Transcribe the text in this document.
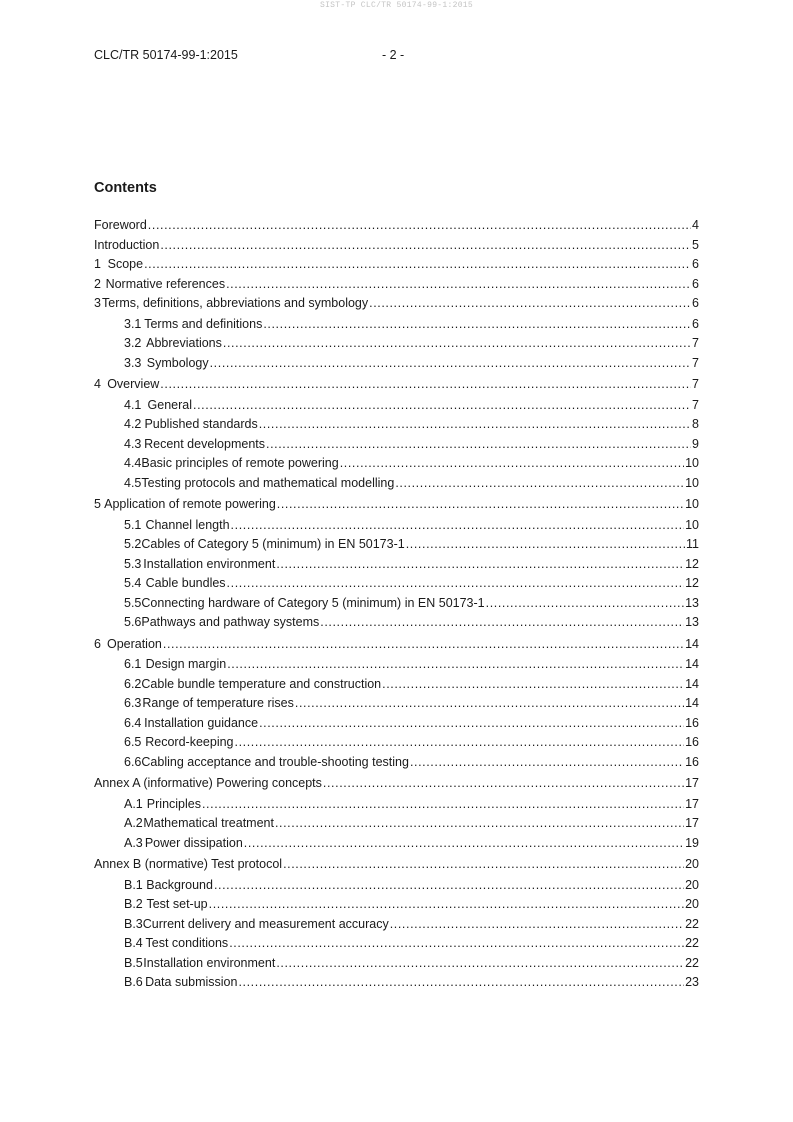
SIST-TP CLC/TR 50174-99-1:2015
CLC/TR 50174-99-1:2015	- 2 -
Contents
Foreword .....	4
Introduction .....	5
1 Scope .....	6
2 Normative references .....	6
3 Terms, definitions, abbreviations and symbology .....	6
3.1 Terms and definitions .....	6
3.2 Abbreviations .....	7
3.3 Symbology .....	7
4 Overview .....	7
4.1 General .....	7
4.2 Published standards .....	8
4.3 Recent developments .....	9
4.4 Basic principles of remote powering .....	10
4.5 Testing protocols and mathematical modelling .....	10
5 Application of remote powering .....	10
5.1 Channel length .....	10
5.2 Cables of Category 5 (minimum) in EN 50173-1 .....	11
5.3 Installation environment .....	12
5.4 Cable bundles .....	12
5.5 Connecting hardware of Category 5 (minimum) in EN 50173-1 .....	13
5.6 Pathways and pathway systems .....	13
6 Operation .....	14
6.1 Design margin .....	14
6.2 Cable bundle temperature and construction .....	14
6.3 Range of temperature rises .....	14
6.4 Installation guidance .....	16
6.5 Record-keeping .....	16
6.6 Cabling acceptance and trouble-shooting testing .....	16
Annex A (informative) Powering concepts .....	17
A.1 Principles .....	17
A.2 Mathematical treatment .....	17
A.3 Power dissipation .....	19
Annex B (normative) Test protocol .....	20
B.1 Background .....	20
B.2 Test set-up .....	20
B.3 Current delivery and measurement accuracy .....	22
B.4 Test conditions .....	22
B.5 Installation environment .....	22
B.6 Data submission .....	23
